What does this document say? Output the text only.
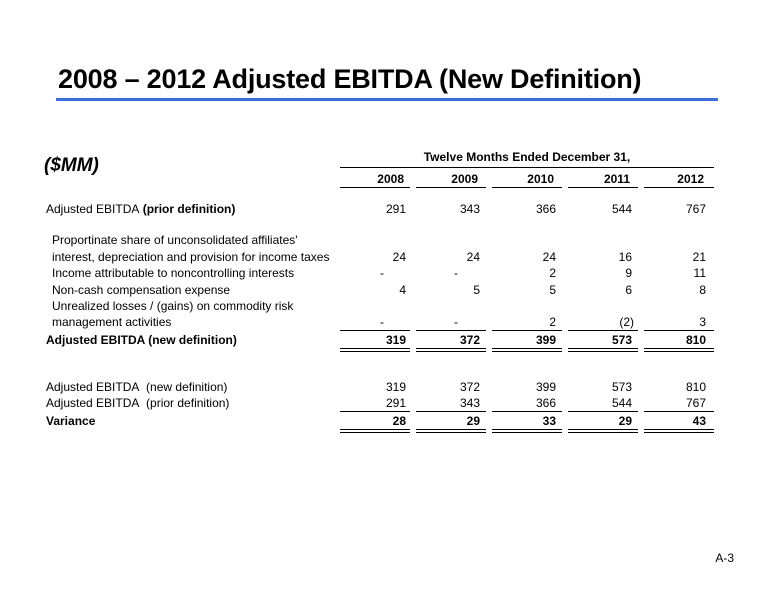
2008 – 2012 Adjusted EBITDA (New Definition)
($MM)	Twelve Months Ended December 31,
2008	2009	2010	2011	2012
Adjusted EBITDA (prior definition)	291	343	366	544	767
Proportinate share of unconsolidated affiliates'
interest, depreciation and provision for income taxes	24	24	24	16	21
Income attributable to noncontrolling interests	-	-	2	9	11
Non-cash compensation expense	4	5	5	6	8
Unrealized losses / (gains) on commodity risk
management activities	-	-	2	(2)	3
Adjusted EBITDA (new definition)	319	372	399	573	810
Adjusted EBITDA (new definition)	319	372	399	573	810
Adjusted EBITDA (prior definition)	291	343	366	544	767
Variance	28	29	33	29	43
A-3
